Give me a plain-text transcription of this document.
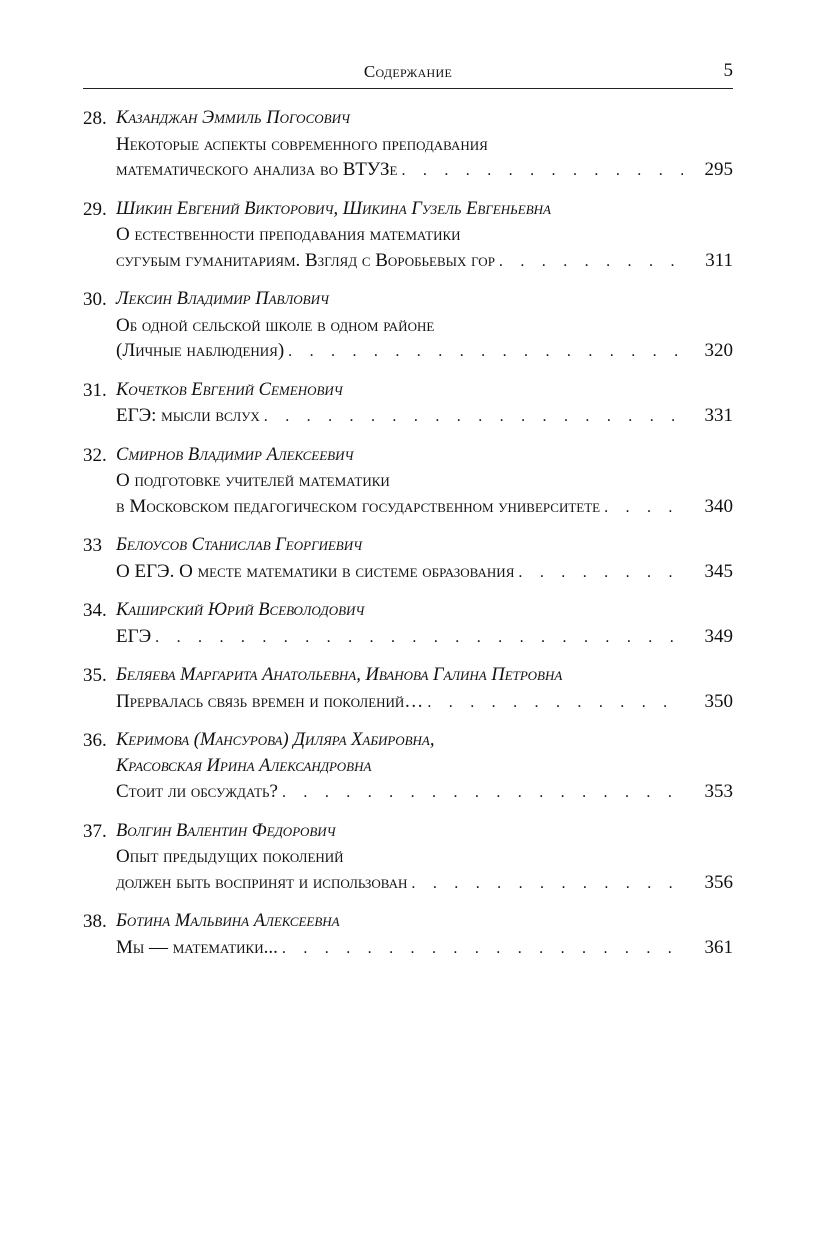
Содержание	5
28. Казанджан Эммиль Погосович
Некоторые аспекты современного преподавания
математического анализа во ВТУЗе . . .	295
29. Шикин Евгений Викторович, Шикина Гузель Евгеньевна
О естественности преподавания математики
сугубым гуманитариям. Взгляд с Воробьевых гор . . .	311
30. Лексин Владимир Павлович
Об одной сельской школе в одном районе
(Личные наблюдения) . . .	320
31. Кочетков Евгений Семенович
ЕГЭ: мысли вслух . . .	331
32. Смирнов Владимир Алексеевич
О подготовке учителей математики
в Московском педагогическом государственном университете . . .	340
33 Белоусов Станислав Георгиевич
О ЕГЭ. О месте математики в системе образования . . .	345
34. Каширский Юрий Всеволодович
ЕГЭ . . .	349
35. Беляева Маргарита Анатольевна, Иванова Галина Петровна
Прервалась связь времен и поколений… . . .	350
36. Керимова (Мансурова) Диляра Хабировна,
Красовская Ирина Александровна
Стоит ли обсуждать? . . .	353
37. Волгин Валентин Федорович
Опыт предыдущих поколений
должен быть воспринят и использован . . .	356
38. Ботина Мальвина Алексеевна
Мы — математики... . . .	361
